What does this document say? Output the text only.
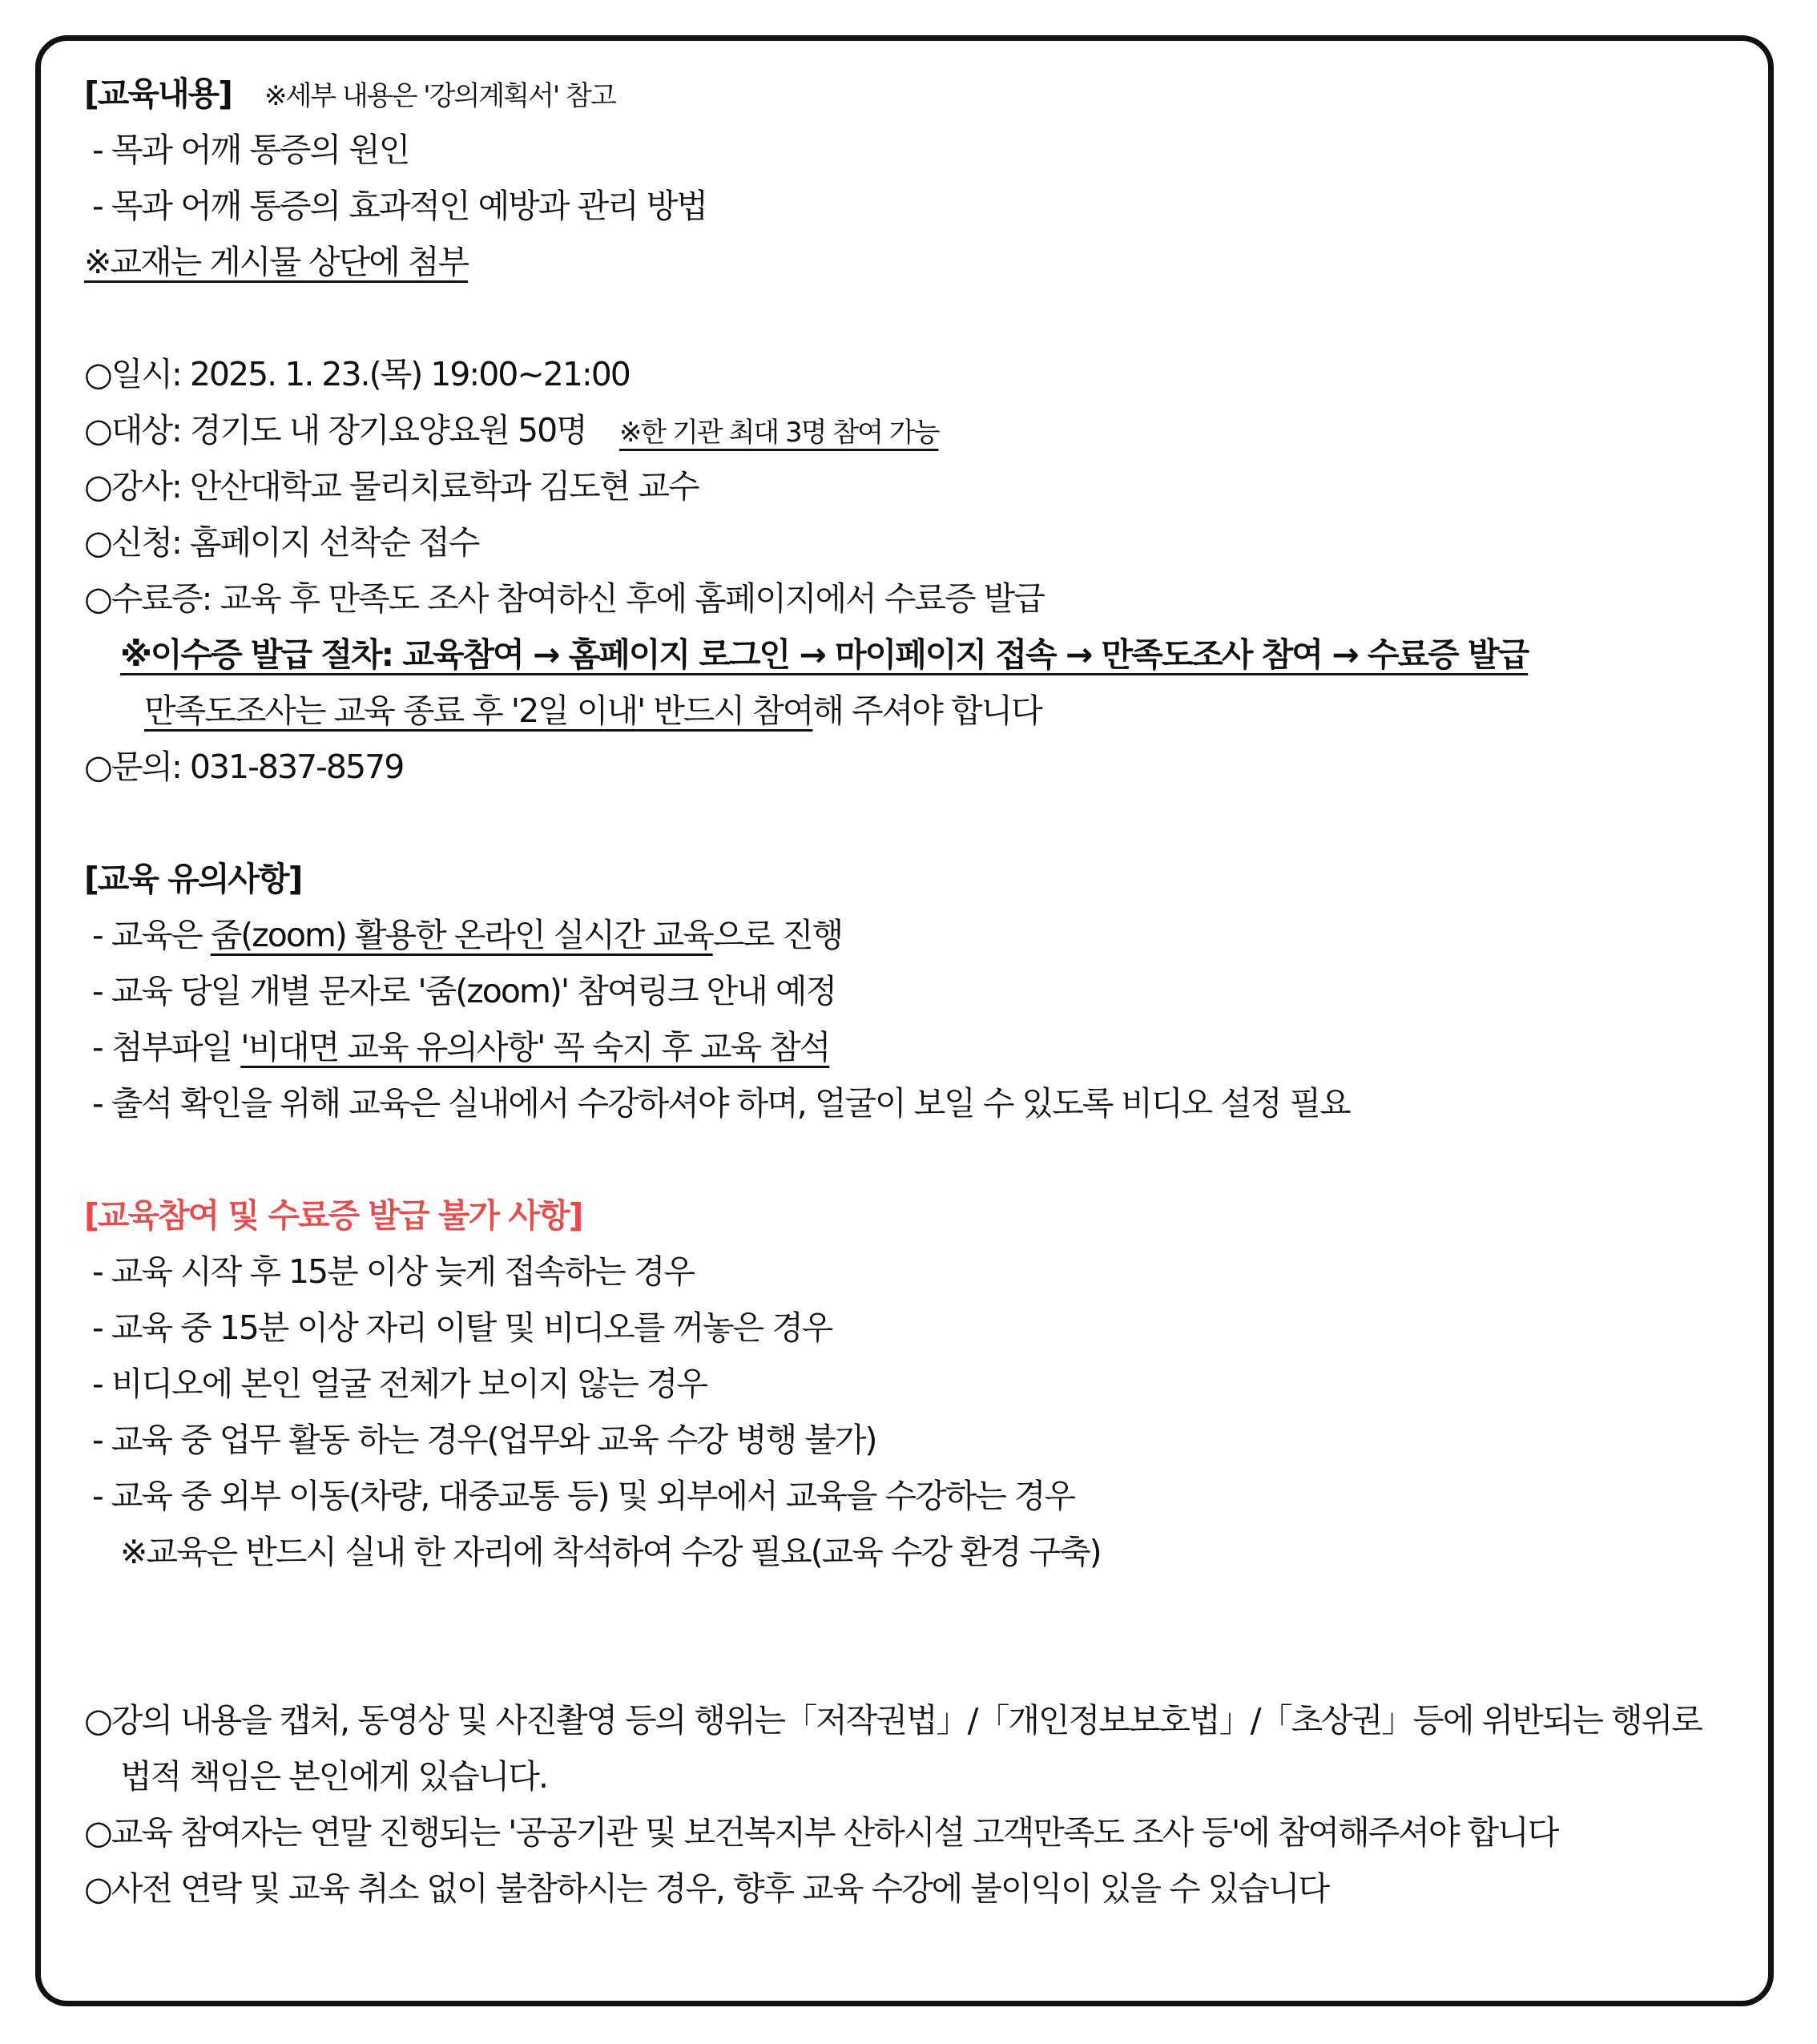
[교육내용] ※세부 내용은 '강의계획서' 참고

- 목과 어깨 통증의 원인

- 목과 어깨 통증의 효과적인 예방과 관리 방법

※교재는 게시물 상단에 첨부

○일시: 2025. 1. 23.(목) 19:00~21:00

○대상: 경기도 내 장기요양요원 50명 ※한 기관 최대 3명 참여 가능

○강사: 안산대학교 물리치료학과 김도현 교수

○신청: 홈페이지 선착순 접수

○수료증: 교육 후 만족도 조사 참여하신 후에 홈페이지에서 수료증 발급

※이수증 발급 절차: 교육참여 → 홈페이지 로그인 → 마이페이지 접속 → 만족도조사 참여 → 수료증 발급

만족도조사는 교육 종료 후 '2일 이내' 반드시 참여해 주셔야 합니다

○문의: 031-837-8579

[교육 유의사항]

- 교육은 줌(zoom) 활용한 온라인 실시간 교육으로 진행

- 교육 당일 개별 문자로 '줌(zoom)' 참여링크 안내 예정

- 첨부파일 '비대면 교육 유의사항' 꼭 숙지 후 교육 참석

- 출석 확인을 위해 교육은 실내에서 수강하셔야 하며, 얼굴이 보일 수 있도록 비디오 설정 필요

[교육참여 및 수료증 발급 불가 사항]

- 교육 시작 후 15분 이상 늦게 접속하는 경우

- 교육 중 15분 이상 자리 이탈 및 비디오를 꺼놓은 경우

- 비디오에 본인 얼굴 전체가 보이지 않는 경우

- 교육 중 업무 활동 하는 경우(업무와 교육 수강 병행 불가)

- 교육 중 외부 이동(차량, 대중교통 등) 및 외부에서 교육을 수강하는 경우

※교육은 반드시 실내 한 자리에 착석하여 수강 필요(교육 수강 환경 구축)

○강의 내용을 캡처, 동영상 및 사진촬영 등의 행위는「저작권법」/「개인정보보호법」/「초상권」등에 위반되는 행위로

법적 책임은 본인에게 있습니다.

○교육 참여자는 연말 진행되는 '공공기관 및 보건복지부 산하시설 고객만족도 조사 등'에 참여해주셔야 합니다

○사전 연락 및 교육 취소 없이 불참하시는 경우, 향후 교육 수강에 불이익이 있을 수 있습니다
